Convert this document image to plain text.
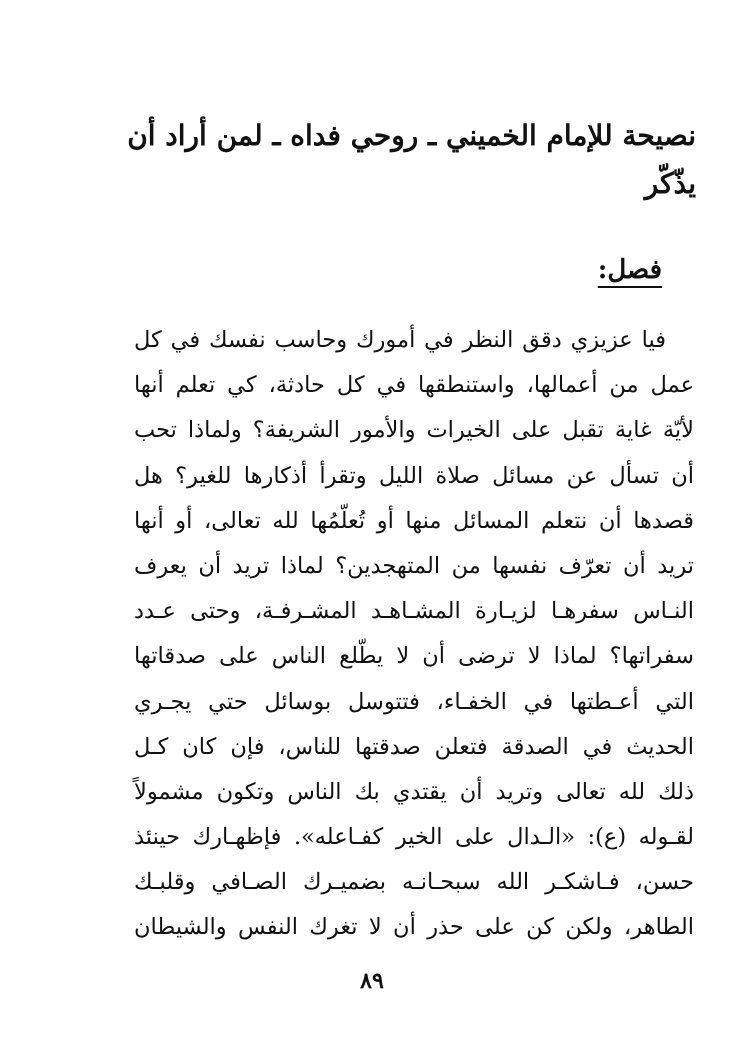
نصيحة للإمام الخميني ـ روحي فداه ـ لمن أراد أن
يذّكّر
فصل:
فيا عزيزي دقق النظر في أمورك وحاسب نفسك في كل
عمل من أعمالها، واستنطقها في كل حادثة، كي تعلم أنها
لأيّة غاية تقبل على الخيرات والأمور الشريفة؟ ولماذا تحب
أن تسأل عن مسائل صلاة الليل وتقرأ أذكارها للغير؟ هل
قصدها أن نتعلم المسائل منها أو تُعلّمُها لله تعالى، أو أنها
تريد أن تعرّف نفسها من المتهجدين؟ لماذا تريد أن يعرف
النـاس سفرهـا لزيـارة المشـاهـد المشـرفـة، وحتى عـدد
سفراتها؟ لماذا لا ترضى أن لا يطّلع الناس على صدقاتها
التي أعـطتها في الخفـاء، فتتوسل بوسائل حتي يجـري
الحديث في الصدقة فتعلن صدقتها للناس، فإن كان كـل
ذلك لله تعالى وتريد أن يقتدي بك الناس وتكون مشمولاً
لقـوله (ع): «الـدال على الخير كفـاعله». فإظهـارك حينئذ
حسن، فـاشكـر الله سبحـانـه بضميـرك الصـافي وقلبـك
الطاهر، ولكن كن على حذر أن لا تغرك النفس والشيطان
٨٩
